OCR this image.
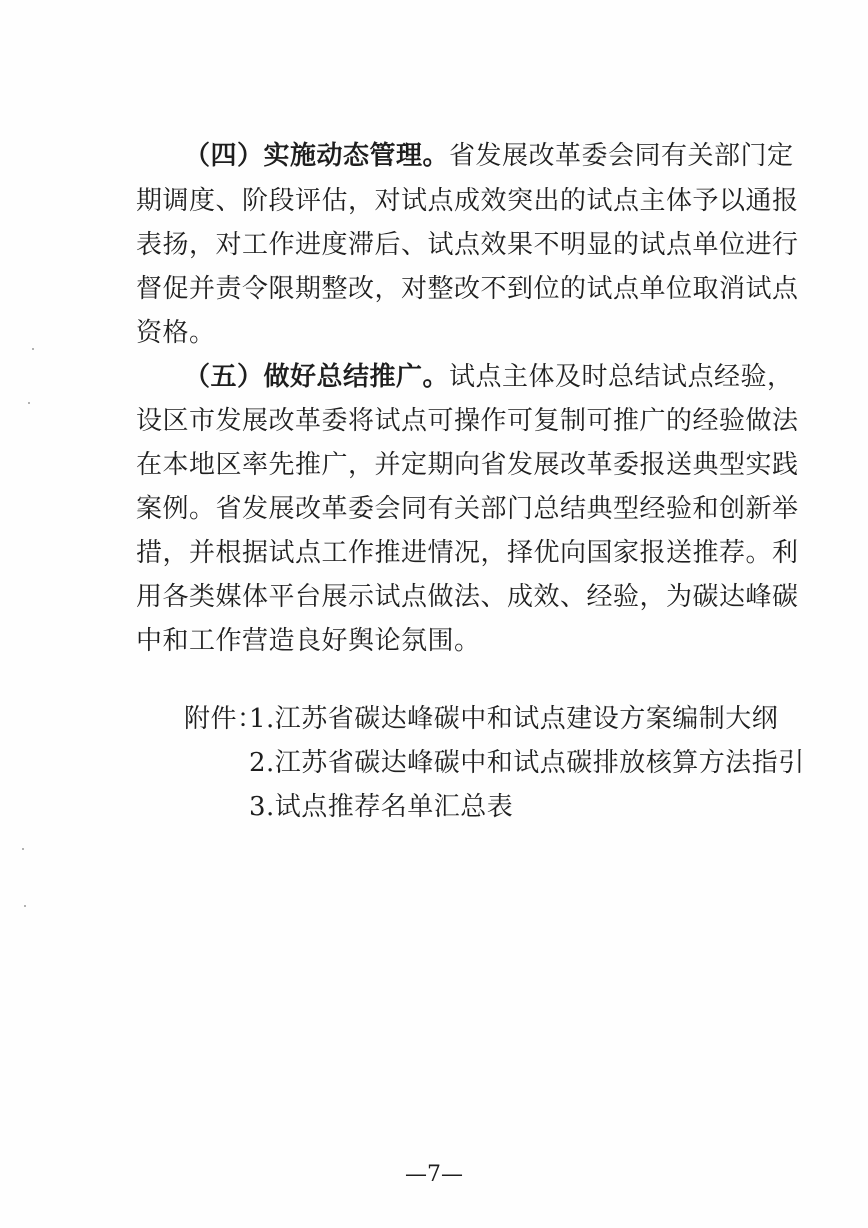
（四）实施动态管理。省发展改革委会同有关部门定
期调度、阶段评估，对试点成效突出的试点主体予以通报
表扬，对工作进度滞后、试点效果不明显的试点单位进行
督促并责令限期整改，对整改不到位的试点单位取消试点
资格。
（五）做好总结推广。试点主体及时总结试点经验，
设区市发展改革委将试点可操作可复制可推广的经验做法
在本地区率先推广，并定期向省发展改革委报送典型实践
案例。省发展改革委会同有关部门总结典型经验和创新举
措，并根据试点工作推进情况，择优向国家报送推荐。利
用各类媒体平台展示试点做法、成效、经验，为碳达峰碳
中和工作营造良好舆论氛围。
附件：
1.江苏省碳达峰碳中和试点建设方案编制大纲
2.江苏省碳达峰碳中和试点碳排放核算方法指引
3.试点推荐名单汇总表
—7—
